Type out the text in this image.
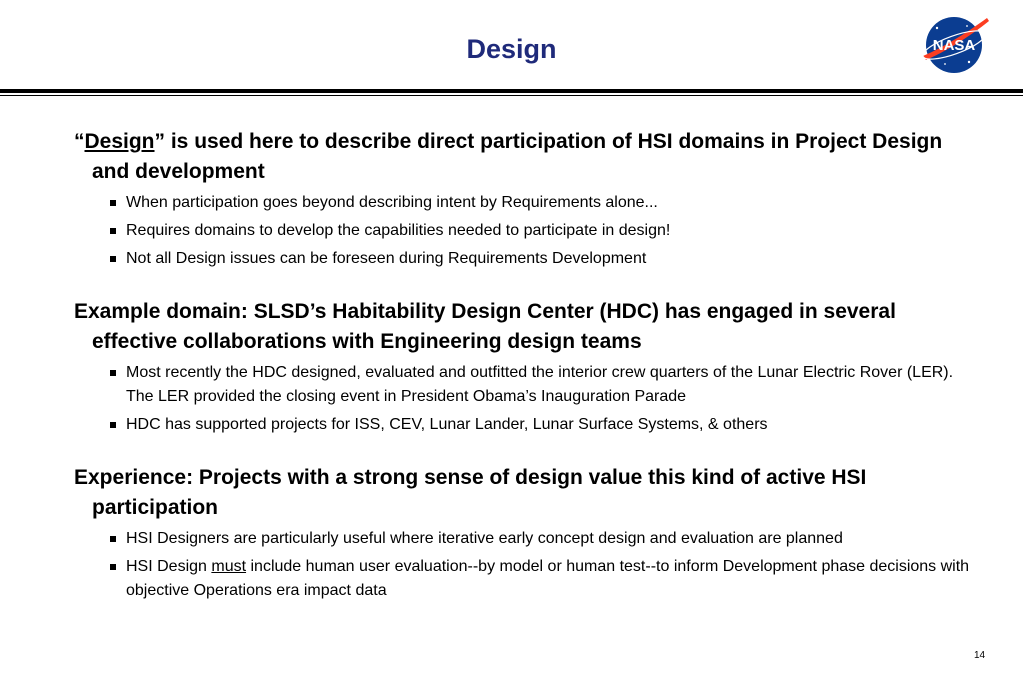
Design	NASA
“Design” is used here to describe direct participation of HSI domains in Project Design and development
When participation goes beyond describing intent by Requirements alone...
Requires domains to develop the capabilities needed to participate in design!
Not all Design issues can be foreseen during Requirements Development
Example domain: SLSD’s Habitability Design Center (HDC) has engaged in several effective collaborations with Engineering design teams
Most recently the HDC designed, evaluated and outfitted the interior crew quarters of the Lunar Electric Rover (LER). The LER provided the closing event in President Obama’s Inauguration Parade
HDC has supported projects for ISS, CEV, Lunar Lander, Lunar Surface Systems, & others
Experience: Projects with a strong sense of design value this kind of active HSI participation
HSI Designers are particularly useful where iterative early concept design and evaluation are planned
HSI Design must include human user evaluation--by model or human test--to inform Development phase decisions with objective Operations era impact data
14
